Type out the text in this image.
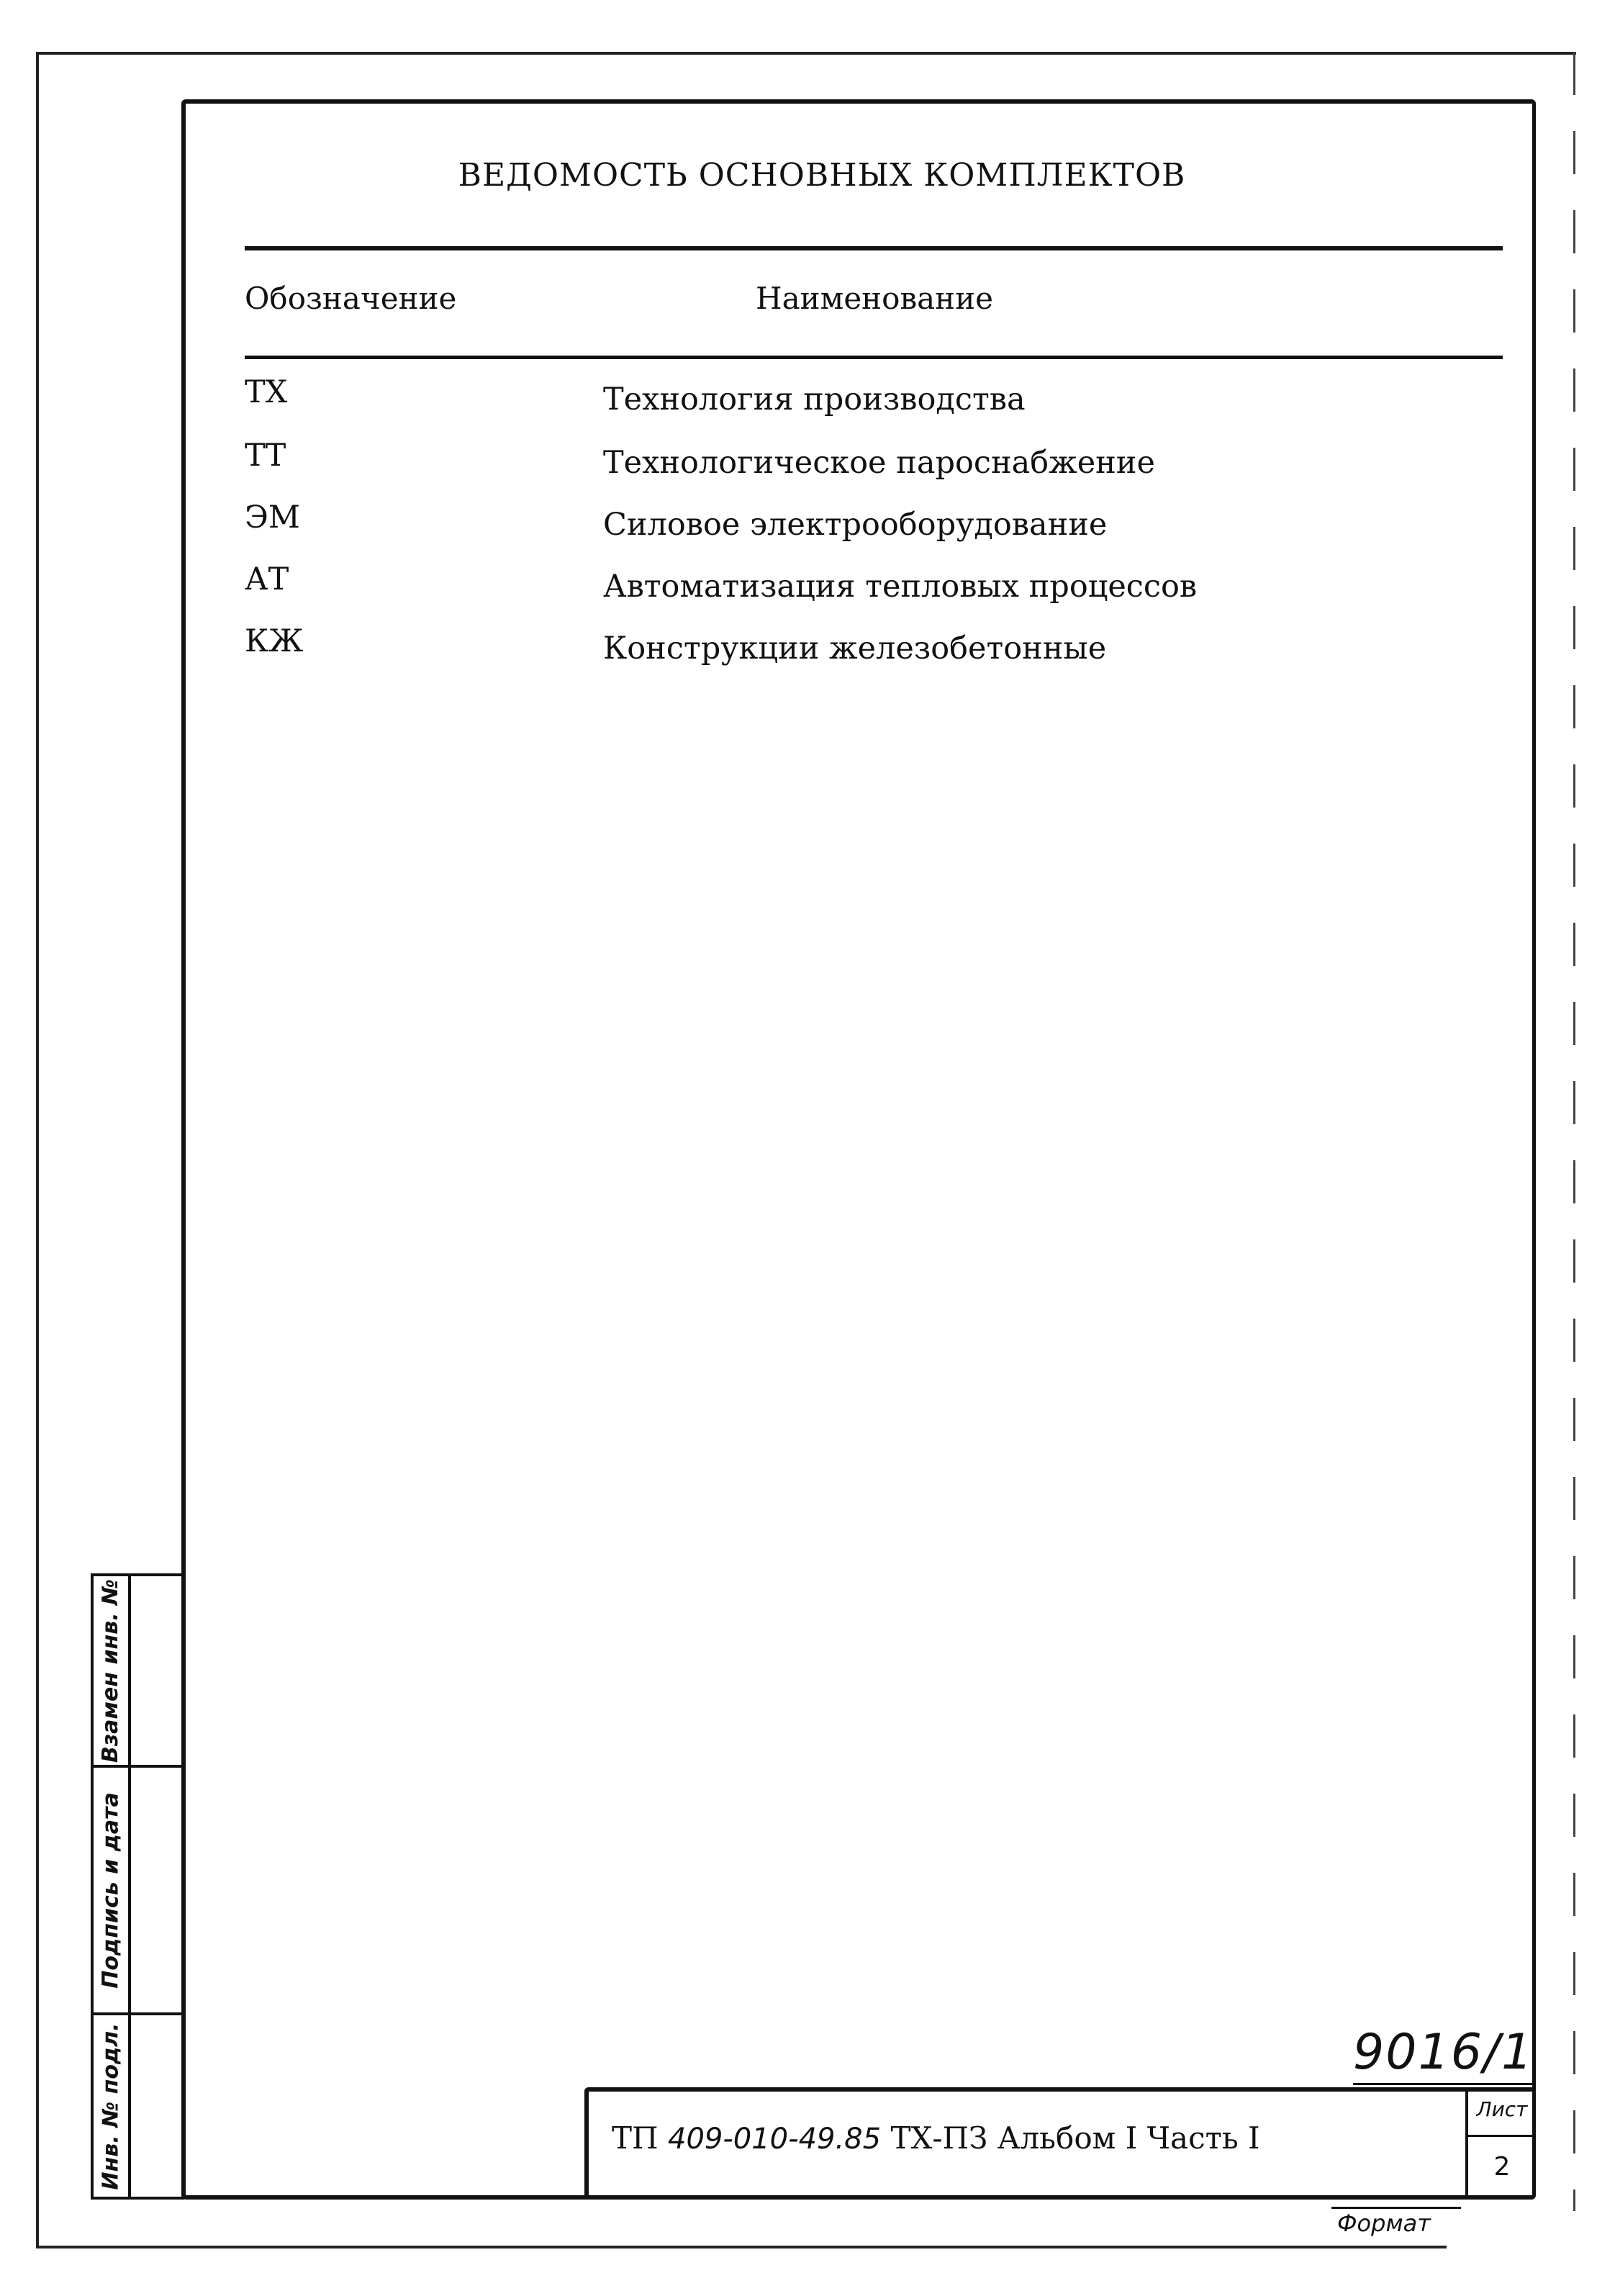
ВЕДОМОСТЬ ОСНОВНЫХ КОМПЛЕКТОВ
Обозначение	Наименование
ТХ	Технология производства
ТТ	Технологическое пароснабжение
ЭМ	Силовое электрооборудование
АТ	Автоматизация тепловых процессов
КЖ	Конструкции железобетонные
Взамен инв. №
Подпись и дата
Инв. № подл.	9016/1
ТП 409-010-49.85 ТХ-ПЗ Альбом I Часть I
Лист
2
Формат
